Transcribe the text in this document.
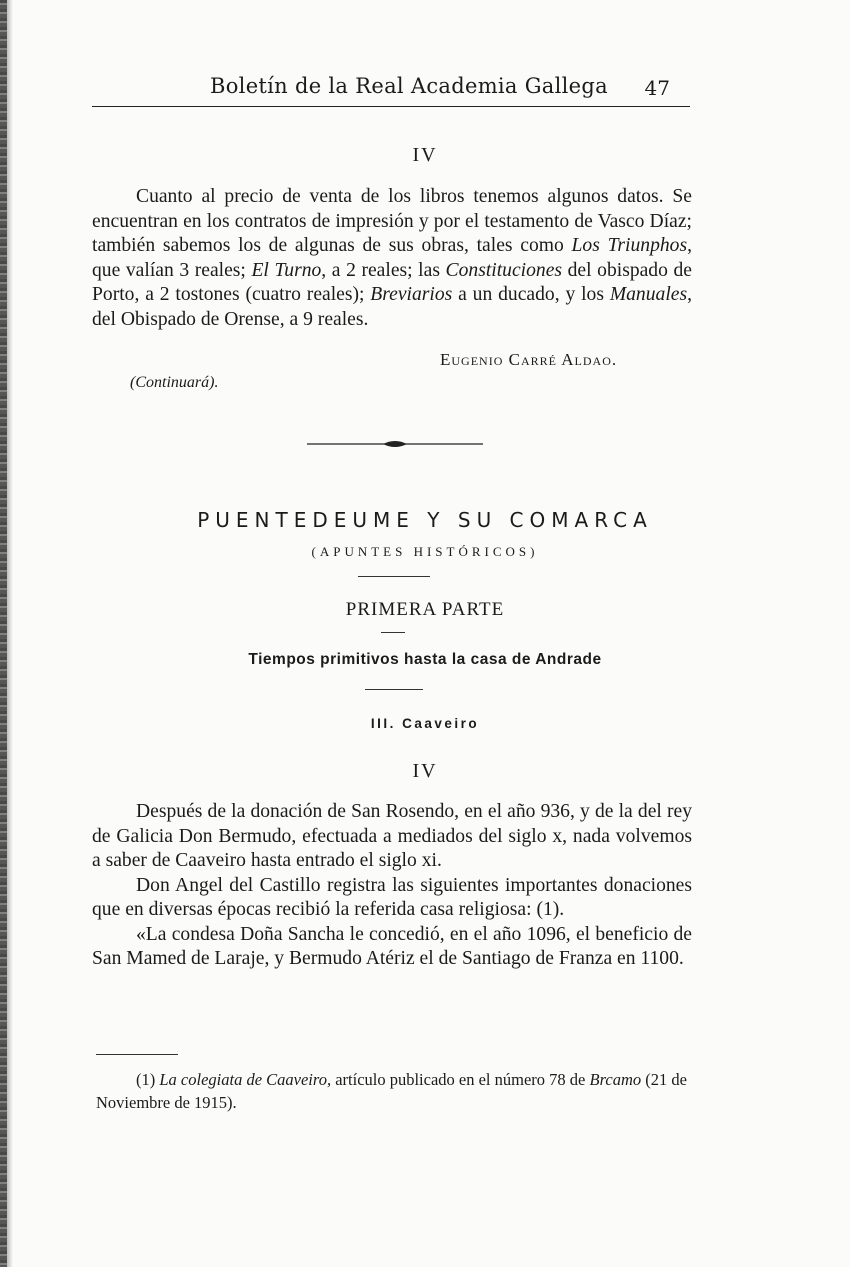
Boletín de la Real Academia Gallega 47
IV

Cuanto al precio de venta de los libros tenemos algunos datos. Se encuentran en los contratos de impresión y por el testamento de Vasco Díaz; también sabemos los de algunas de sus obras, tales como Los Triunphos, que valían 3 reales; El Turno, a 2 reales; las Constituciones del obispado de Porto, a 2 tostones (cuatro reales); Breviarios a un ducado, y los Manuales, del Obispado de Orense, a 9 reales.

Eugenio Carré Aldao.
(Continuará).
PUENTEDEUME Y SU COMARCA
(APUNTES HISTÓRICOS)
PRIMERA PARTE
Tiempos primitivos hasta la casa de Andrade
III. Caaveiro
IV

Después de la donación de San Rosendo, en el año 936, y de la del rey de Galicia Don Bermudo, efectuada a mediados del siglo x, nada volvemos a saber de Caaveiro hasta entrado el siglo xi.

Don Angel del Castillo registra las siguientes importantes donaciones que en diversas épocas recibió la referida casa religiosa: (1).

«La condesa Doña Sancha le concedió, en el año 1096, el beneficio de San Mamed de Laraje, y Bermudo Atériz el de Santiago de Franza en 1100.

(1) La colegiata de Caaveiro, artículo publicado en el número 78 de Brcamo (21 de Noviembre de 1915).
